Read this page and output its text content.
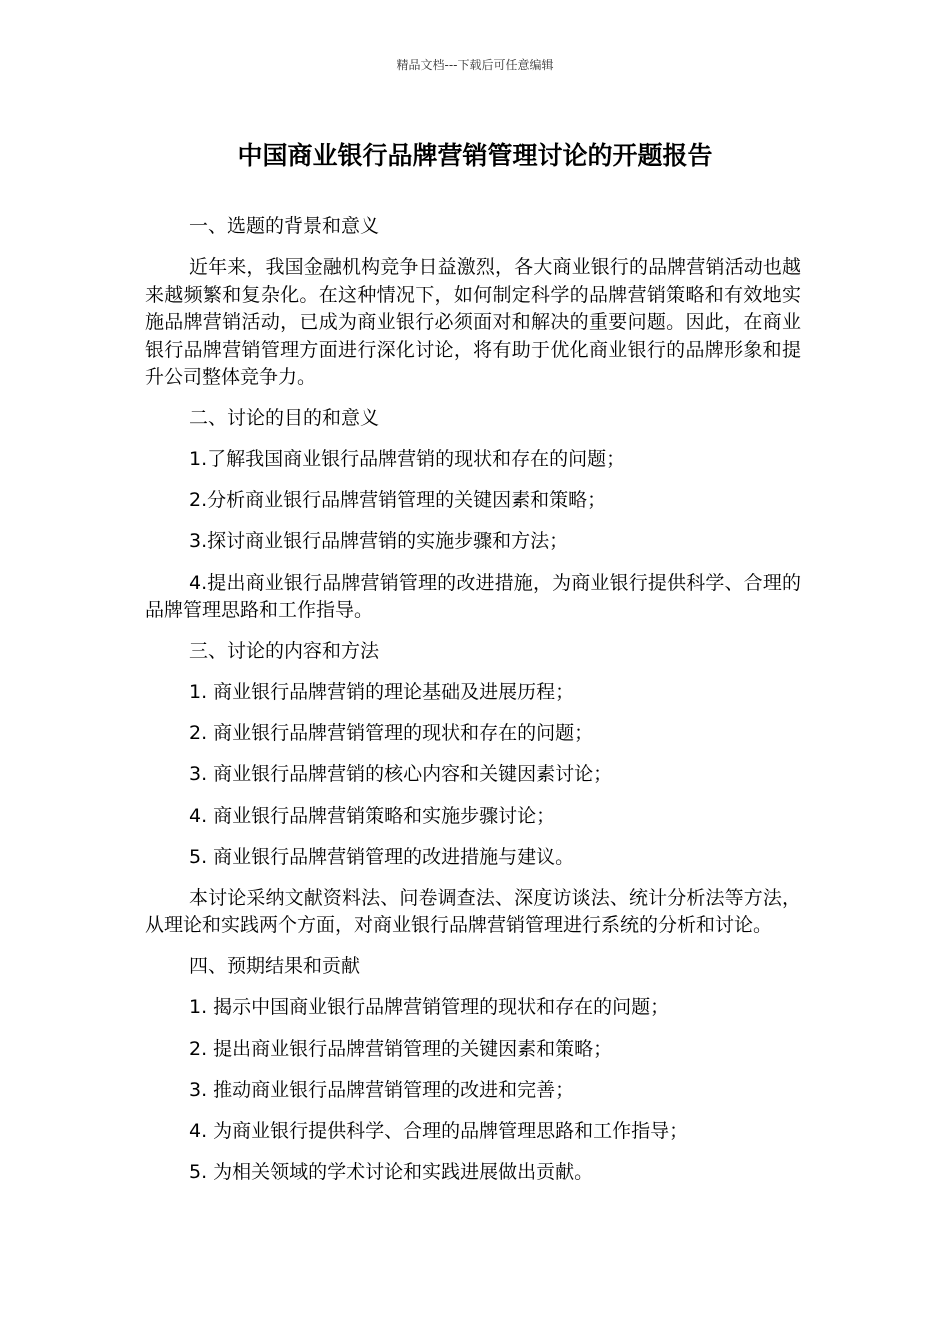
精品文档---下载后可任意编辑
中国商业银行品牌营销管理讨论的开题报告

一、选题的背景和意义

近年来，我国金融机构竞争日益激烈，各大商业银行的品牌营销活动也越来越频繁和复杂化。在这种情况下，如何制定科学的品牌营销策略和有效地实施品牌营销活动，已成为商业银行必须面对和解决的重要问题。因此，在商业银行品牌营销管理方面进行深化讨论，将有助于优化商业银行的品牌形象和提升公司整体竞争力。

二、讨论的目的和意义

1.了解我国商业银行品牌营销的现状和存在的问题；

2.分析商业银行品牌营销管理的关键因素和策略；

3.探讨商业银行品牌营销的实施步骤和方法；

4.提出商业银行品牌营销管理的改进措施，为商业银行提供科学、合理的品牌管理思路和工作指导。

三、讨论的内容和方法

1. 商业银行品牌营销的理论基础及进展历程；

2. 商业银行品牌营销管理的现状和存在的问题；

3. 商业银行品牌营销的核心内容和关键因素讨论；

4. 商业银行品牌营销策略和实施步骤讨论；

5. 商业银行品牌营销管理的改进措施与建议。

本讨论采纳文献资料法、问卷调查法、深度访谈法、统计分析法等方法，从理论和实践两个方面，对商业银行品牌营销管理进行系统的分析和讨论。

四、预期结果和贡献

1. 揭示中国商业银行品牌营销管理的现状和存在的问题；

2. 提出商业银行品牌营销管理的关键因素和策略；

3. 推动商业银行品牌营销管理的改进和完善；

4. 为商业银行提供科学、合理的品牌管理思路和工作指导；

5. 为相关领域的学术讨论和实践进展做出贡献。
